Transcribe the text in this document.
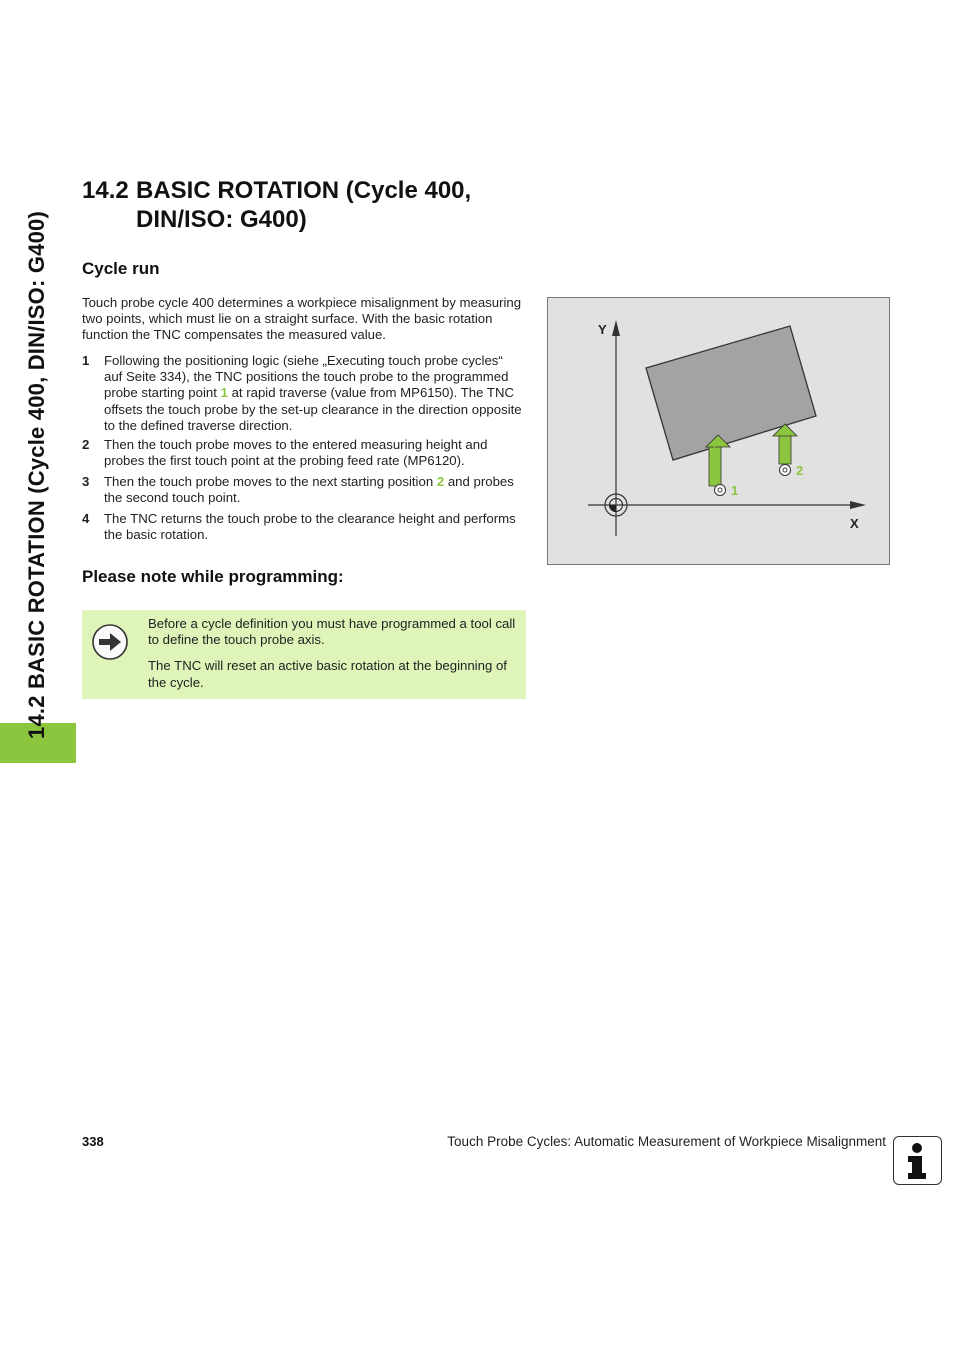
14.2 BASIC ROTATION (Cycle 400, DIN/ISO: G400)
14.2 BASIC ROTATION (Cycle 400,
DIN/ISO: G400)
Cycle run
Touch probe cycle 400 determines a workpiece misalignment by measuring two points, which must lie on a straight surface. With the basic rotation function the TNC compensates the measured value.
1 Following the positioning logic (siehe „Executing touch probe cycles“ auf Seite 334), the TNC positions the touch probe to the programmed probe starting point 1 at rapid traverse (value from MP6150). The TNC offsets the touch probe by the set-up clearance in the direction opposite to the defined traverse direction.
2 Then the touch probe moves to the entered measuring height and probes the first touch point at the probing feed rate (MP6120).
3 Then the touch probe moves to the next starting position 2 and probes the second touch point.
4 The TNC returns the touch probe to the clearance height and performs the basic rotation.
Please note while programming:

Before a cycle definition you must have programmed a tool call to define the touch probe axis.

The TNC will reset an active basic rotation at the beginning of the cycle.

Y
X
1
2
338	Touch Probe Cycles: Automatic Measurement of Workpiece Misalignment
